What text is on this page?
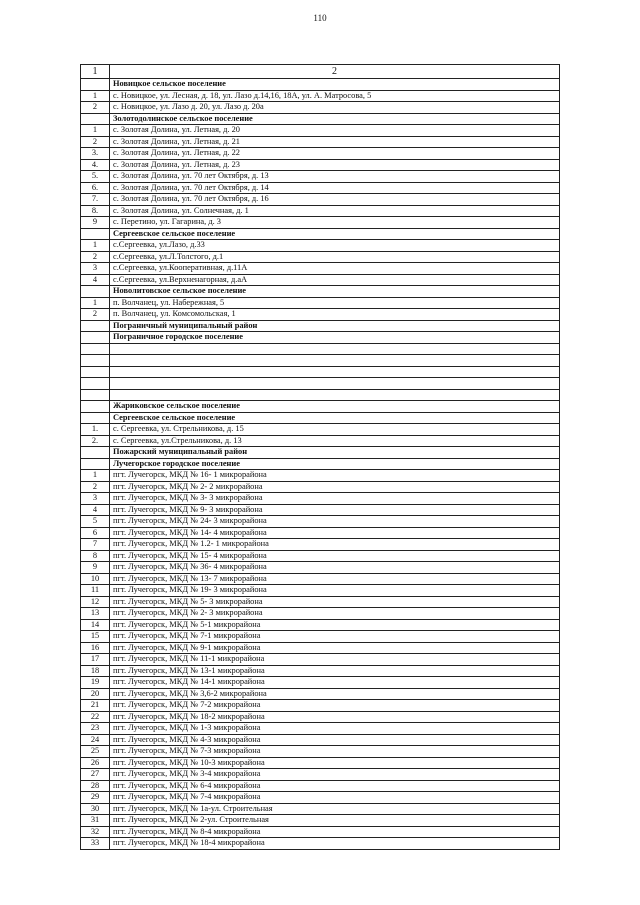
110
1	2
	Новицкое сельское поселение
1	с. Новицкое, ул. Лесная, д. 18, ул. Лазо д.14,16, 18А, ул. А. Матросова, 5
2	с. Новицкое, ул. Лазо д. 20, ул. Лазо д. 20а
	Золотодолинское сельское поселение
1	с. Золотая Долина, ул. Летная, д. 20
2	с. Золотая Долина, ул. Летная, д. 21
3.	с. Золотая Долина, ул. Летная, д. 22
4.	с. Золотая Долина, ул. Летная, д. 23
5.	с. Золотая Долина, ул. 70 лет Октября, д. 13
6.	с. Золотая Долина, ул. 70 лет Октября, д. 14
7.	с. Золотая Долина, ул. 70 лет Октября, д. 16
8.	с. Золотая Долина, ул. Солнечная, д. 1
9	с. Перетино, ул. Гагарина, д. 3
	Сергеевское сельское поселение
1	с.Сергеевка, ул.Лазо, д.33
2	с.Сергеевка, ул.Л.Толстого, д.1
3	с.Сергеевка, ул.Кооперативная, д.11А
4	с.Сергеевка, ул.Верхненагорная, д.аА
	Новолитовское сельское поселение
1	п. Волчанец, ул. Набережная, 5
2	п. Волчанец, ул. Комсомольская, 1
	Пограничный муниципальный район
	Пограничное городское поселение

	Жариковское сельское поселение
	Сергеевское сельское поселение
1.	с. Сергеевка, ул. Стрельникова, д. 15
2.	с. Сергеевка, ул.Стрельникова, д. 13
	Пожарский муниципальный район
	Лучегорское городское поселение
1	пгт. Лучегорск, МКД № 16- 1 микрорайона
2	пгт. Лучегорск, МКД № 2- 2 микрорайона
3	пгт. Лучегорск, МКД № 3- 3 микрорайона
4	пгт. Лучегорск, МКД № 9- 3 микрорайона
5	пгт. Лучегорск, МКД № 24- 3 микрорайона
6	пгт. Лучегорск, МКД № 14- 4 микрорайона
7	пгт. Лучегорск, МКД № 1.2- 1 микрорайона
8	пгт. Лучегорск, МКД № 15- 4 микрорайона
9	пгт. Лучегорск, МКД № 36- 4 микрорайона
10	пгт. Лучегорск, МКД № 13- 7 микрорайона
11	пгт. Лучегорск, МКД № 19- 3 микрорайона
12	пгт. Лучегорск, МКД № 5- 3 микрорайона
13	пгт. Лучегорск, МКД № 2- 3 микрорайона
14	пгт. Лучегорск, МКД № 5-1 микрорайона
15	пгт. Лучегорск, МКД № 7-1 микрорайона
16	пгт. Лучегорск, МКД № 9-1 микрорайона
17	пгт. Лучегорск, МКД № 11-1 микрорайона
18	пгт. Лучегорск, МКД № 13-1 микрорайона
19	пгт. Лучегорск, МКД № 14-1 микрорайона
20	пгт. Лучегорск, МКД № 3,6-2 микрорайона
21	пгт. Лучегорск, МКД № 7-2 микрорайона
22	пгт. Лучегорск, МКД № 18-2 микрорайона
23	пгт. Лучегорск, МКД № 1-3 микрорайона
24	пгт. Лучегорск, МКД № 4-3 микрорайона
25	пгт. Лучегорск, МКД № 7-3 микрорайона
26	пгт. Лучегорск, МКД № 10-3 микрорайона
27	пгт. Лучегорск, МКД № 3-4 микрорайона
28	пгт. Лучегорск, МКД № 6-4 микрорайона
29	пгт. Лучегорск, МКД № 7-4 микрорайона
30	пгт. Лучегорск, МКД № 1а-ул. Строительная
31	пгт. Лучегорск, МКД № 2-ул. Строительная
32	пгт. Лучегорск, МКД № 8-4 микрорайона
33	пгт. Лучегорск, МКД № 18-4 микрорайона
